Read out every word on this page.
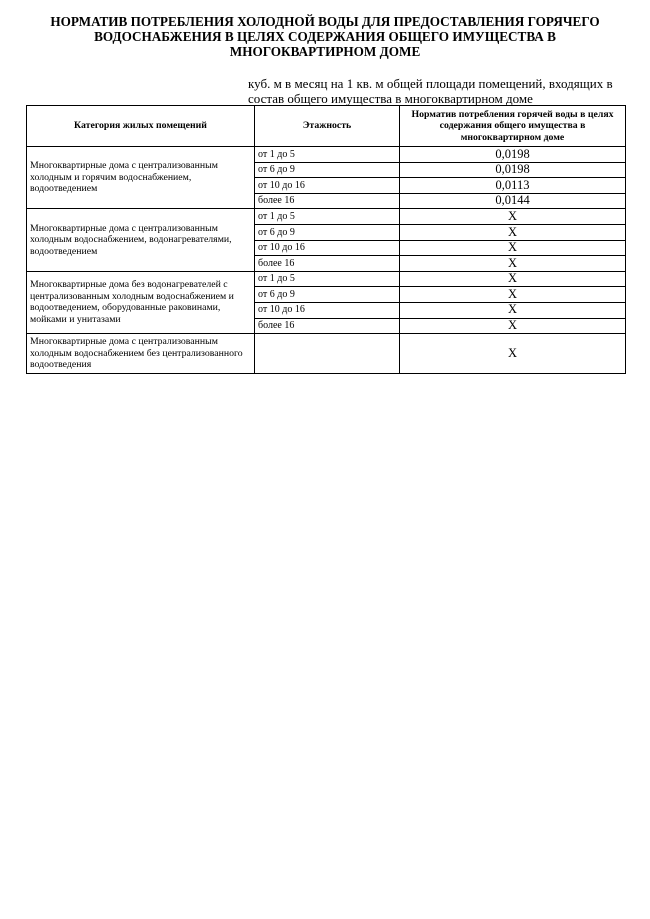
НОРМАТИВ ПОТРЕБЛЕНИЯ ХОЛОДНОЙ ВОДЫ ДЛЯ ПРЕДОСТАВЛЕНИЯ ГОРЯЧЕГО ВОДОСНАБЖЕНИЯ В ЦЕЛЯХ СОДЕРЖАНИЯ ОБЩЕГО ИМУЩЕСТВА В МНОГОКВАРТИРНОМ ДОМЕ
куб. м в месяц на 1 кв. м общей площади помещений, входящих в состав общего имущества в многоквартирном доме
Категория жилых помещений	Этажность	Норматив потребления горячей воды в целях содержания общего имущества в многоквартирном доме
Многоквартирные дома с централизованным холодным и горячим водоснабжением, водоотведением	от 1 до 5	0,0198
	от 6 до 9	0,0198
	от 10 до 16	0,0113
	более 16	0,0144
Многоквартирные дома с централизованным холодным водоснабжением, водонагревателями, водоотведением	от 1 до 5	X
	от 6 до 9	X
	от 10 до 16	X
	более 16	X
Многоквартирные дома без водонагревателей с централизованным холодным водоснабжением и водоотведением, оборудованные раковинами, мойками и унитазами	от 1 до 5	X
	от 6 до 9	X
	от 10 до 16	X
	более 16	X
Многоквартирные дома с централизованным холодным водоснабжением без централизованного водоотведения		X
